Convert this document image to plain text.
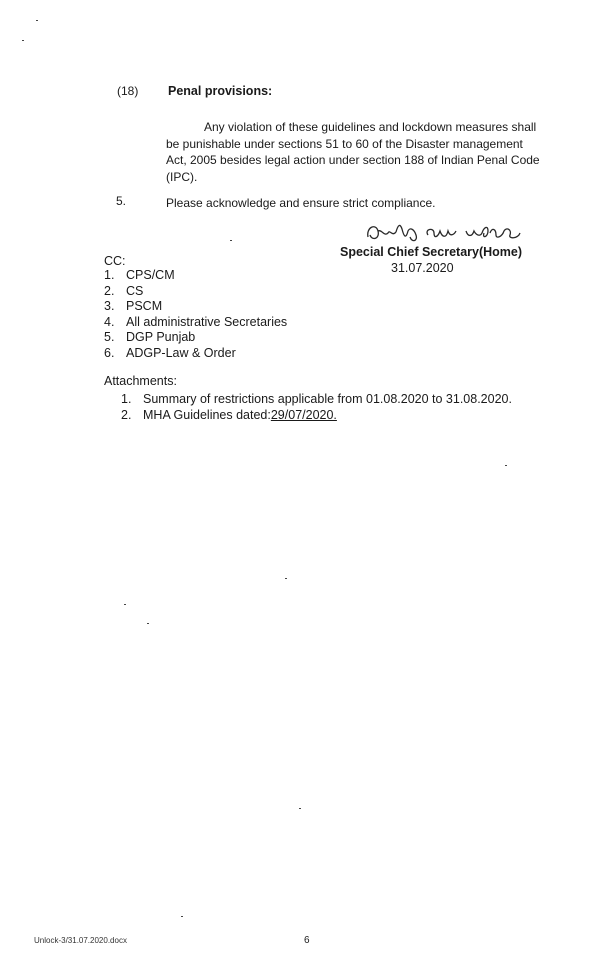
(18) Penal provisions:
Any violation of these guidelines and lockdown measures shall
be punishable under sections 51 to 60 of the Disaster management
Act, 2005 besides legal action under section 188 of Indian Penal Code
(IPC).
5.	Please acknowledge and ensure strict compliance.
Special Chief Secretary(Home)
31.07.2020
CC:
1. CPS/CM
2. CS
3. PSCM
4. All administrative Secretaries
5. DGP Punjab
6. ADGP-Law & Order
Attachments:
1. Summary of restrictions applicable from 01.08.2020 to 31.08.2020.
2. MHA Guidelines dated: 29/07/2020.
Unlock-3/31.07.2020.docx	6
